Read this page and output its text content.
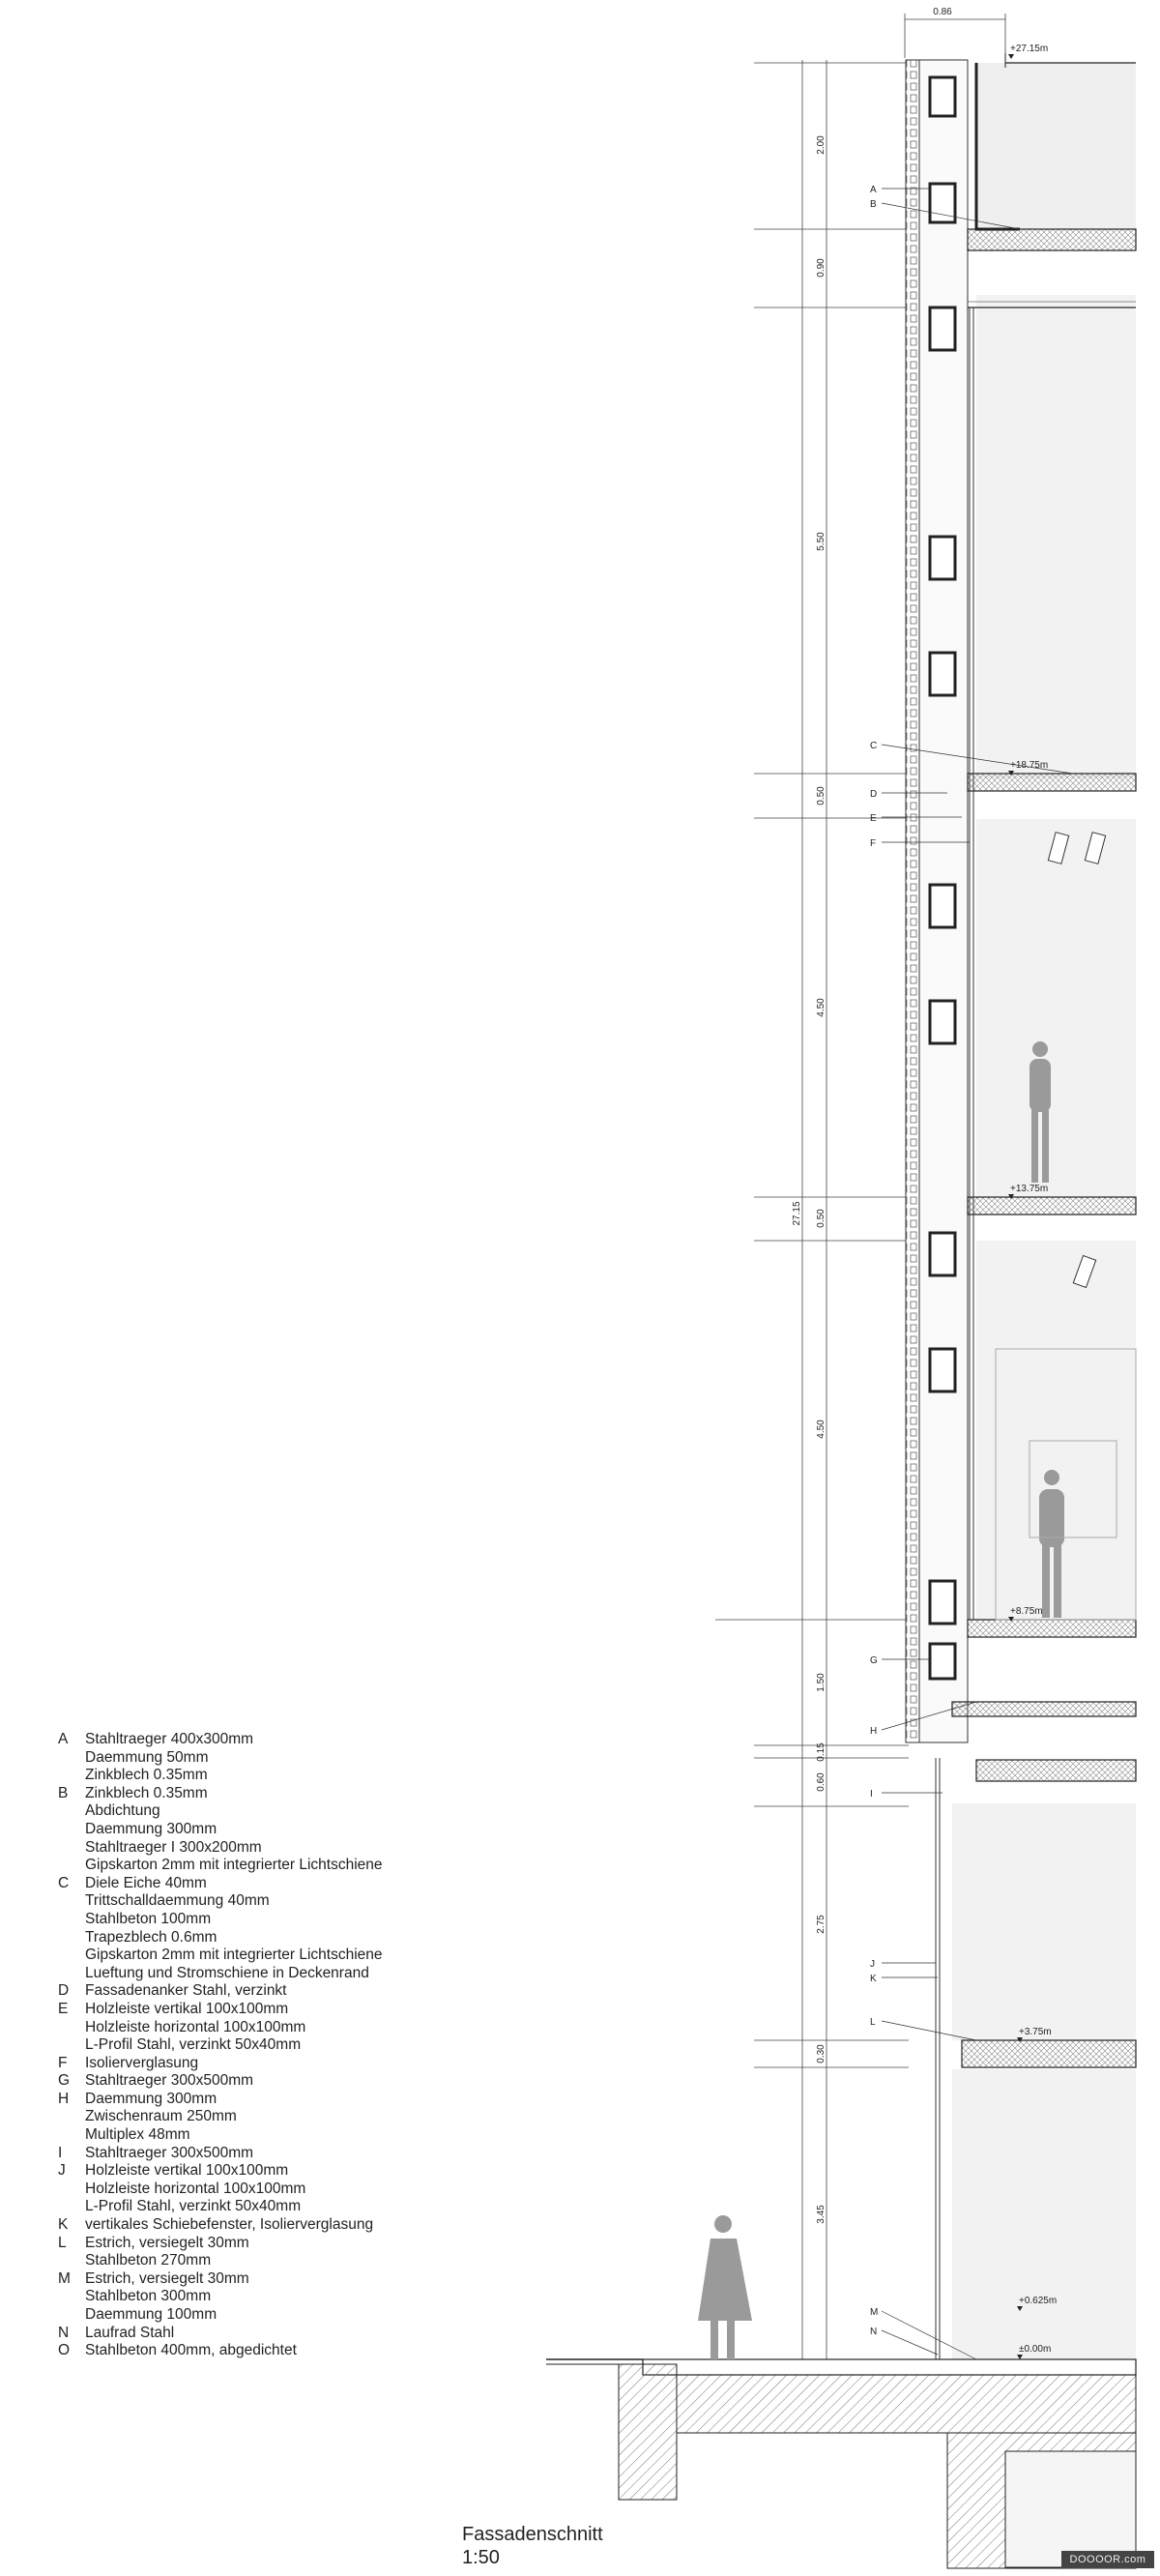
0.86
2.00
0.90
5.50
0.50
4.50
0.50
4.50
1.50
0.15
0.60
2.75
0.30
3.45
27.15
+27.15m
+18.75m
+13.75m
+8.75m
+3.75m
+0.625m
±0.00m
A
B
C
D
E
F
G
H
I
J
K
L
M
N
A	Stahltraeger 400x300mm
Daemmung 50mm
Zinkblech 0.35mm
B	Zinkblech 0.35mm
Abdichtung
Daemmung 300mm
Stahltraeger I 300x200mm
Gipskarton 2mm mit integrierter Lichtschiene
C	Diele Eiche 40mm
Trittschalldaemmung 40mm
Stahlbeton 100mm
Trapezblech 0.6mm
Gipskarton 2mm mit integrierter Lichtschiene
Lueftung und Stromschiene in Deckenrand
D	Fassadenanker Stahl, verzinkt
E	Holzleiste vertikal 100x100mm
Holzleiste horizontal 100x100mm
L-Profil Stahl, verzinkt 50x40mm
F	Isolierverglasung
G	Stahltraeger 300x500mm
H	Daemmung 300mm
Zwischenraum 250mm
Multiplex 48mm
I	Stahltraeger 300x500mm
J	Holzleiste vertikal 100x100mm
Holzleiste horizontal 100x100mm
L-Profil Stahl, verzinkt 50x40mm
K	vertikales Schiebefenster, Isolierverglasung
L	Estrich, versiegelt 30mm
Stahlbeton 270mm
M Estrich, versiegelt 30mm
Stahlbeton 300mm
Daemmung 100mm
N	Laufrad Stahl
O	Stahlbeton 400mm, abgedichtet
Fassadenschnitt
1:50	DOOOOR.com
